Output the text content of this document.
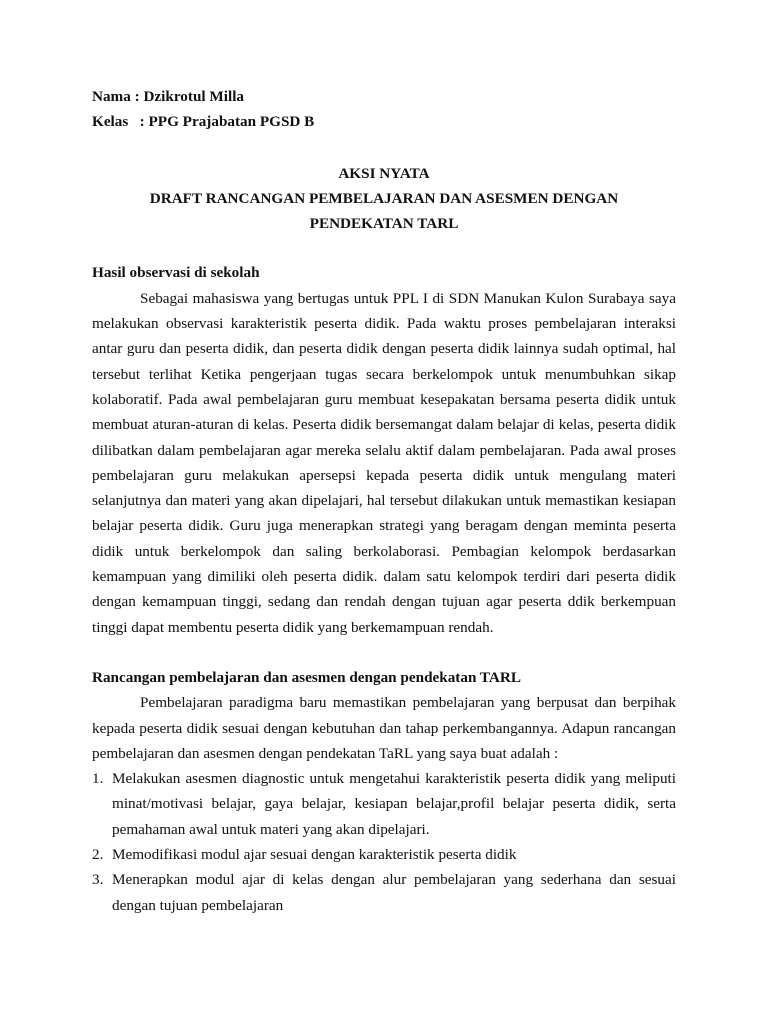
Nama : Dzikrotul Milla
Kelas   : PPG Prajabatan PGSD B
AKSI NYATA
DRAFT RANCANGAN PEMBELAJARAN DAN ASESMEN DENGAN
PENDEKATAN TARL
Hasil observasi di sekolah

Sebagai mahasiswa yang bertugas untuk PPL I di SDN Manukan Kulon Surabaya saya melakukan observasi karakteristik peserta didik. Pada waktu proses pembelajaran interaksi antar guru dan peserta didik, dan peserta didik dengan peserta didik lainnya sudah optimal, hal tersebut terlihat Ketika pengerjaan tugas secara berkelompok untuk menumbuhkan sikap kolaboratif. Pada awal pembelajaran guru membuat kesepakatan bersama peserta didik untuk membuat aturan-aturan di kelas. Peserta didik bersemangat dalam belajar di kelas, peserta didik dilibatkan dalam pembelajaran agar mereka selalu aktif dalam pembelajaran. Pada awal proses pembelajaran guru melakukan apersepsi kepada peserta didik untuk mengulang materi selanjutnya dan materi yang akan dipelajari, hal tersebut dilakukan untuk memastikan kesiapan belajar peserta didik. Guru juga menerapkan strategi yang beragam dengan meminta peserta didik untuk berkelompok dan saling berkolaborasi. Pembagian kelompok berdasarkan kemampuan yang dimiliki oleh peserta didik. dalam satu kelompok terdiri dari peserta didik dengan kemampuan tinggi, sedang dan rendah dengan tujuan agar peserta ddik berkempuan tinggi dapat membentu peserta didik yang berkemampuan rendah.

Rancangan pembelajaran dan asesmen dengan pendekatan TARL

Pembelajaran paradigma baru memastikan pembelajaran yang berpusat dan berpihak kepada peserta didik sesuai dengan kebutuhan dan tahap perkembangannya. Adapun rancangan pembelajaran dan asesmen dengan pendekatan TaRL yang saya buat adalah :

1. Melakukan asesmen diagnostic untuk mengetahui karakteristik peserta didik yang meliputi minat/motivasi belajar, gaya belajar, kesiapan belajar,profil belajar peserta didik, serta pemahaman awal untuk materi yang akan dipelajari.
2. Memodifikasi modul ajar sesuai dengan karakteristik peserta didik
3. Menerapkan modul ajar di kelas dengan alur pembelajaran yang sederhana dan sesuai dengan tujuan pembelajaran
